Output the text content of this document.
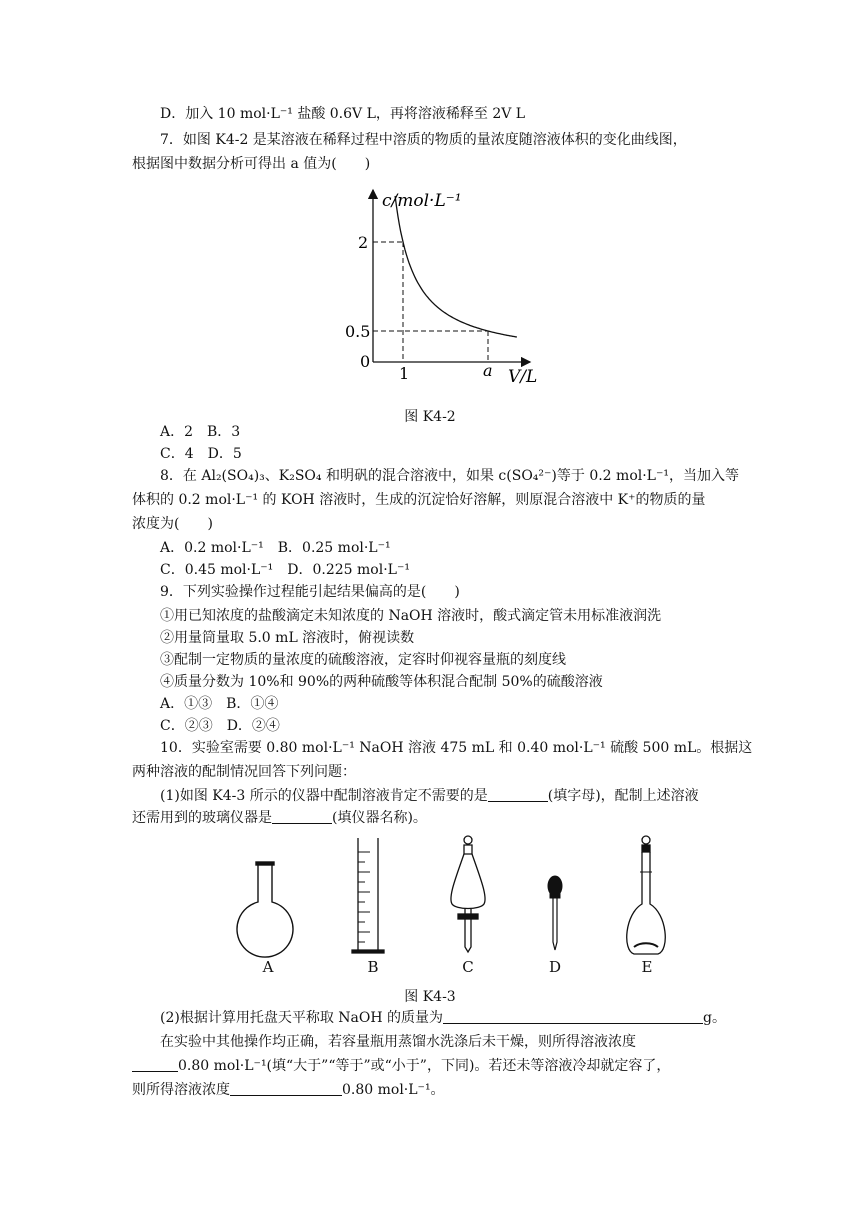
D．加入 10 mol·L⁻¹ 盐酸 0.6V L，再将溶液稀释至 2V L
7．如图 K4-2 是某溶液在稀释过程中溶质的物质的量浓度随溶液体积的变化曲线图，
根据图中数据分析可得出 a 值为(　　)
c/mol·L⁻¹
2
0.5
0
1	a V/L
图 K4-2
A．2　B．3
C．4　D．5
8．在 Al₂(SO₄)₃、K₂SO₄ 和明矾的混合溶液中，如果 c(SO₄²⁻)等于 0.2 mol·L⁻¹，当加入等
体积的 0.2 mol·L⁻¹ 的 KOH 溶液时，生成的沉淀恰好溶解，则原混合溶液中 K⁺的物质的量
浓度为(　　)
A．0.2 mol·L⁻¹　B．0.25 mol·L⁻¹
C．0.45 mol·L⁻¹　D．0.225 mol·L⁻¹
9．下列实验操作过程能引起结果偏高的是(　　)
①用已知浓度的盐酸滴定未知浓度的 NaOH 溶液时，酸式滴定管未用标准液润洗
②用量筒量取 5.0 mL 溶液时，俯视读数
③配制一定物质的量浓度的硫酸溶液，定容时仰视容量瓶的刻度线
④质量分数为 10%和 90%的两种硫酸等体积混合配制 50%的硫酸溶液
A．①③　B．①④
C．②③　D．②④
10．实验室需要 0.80 mol·L⁻¹ NaOH 溶液 475 mL 和 0.40 mol·L⁻¹ 硫酸 500 mL。根据这
两种溶液的配制情况回答下列问题：
(1)如图 K4-3 所示的仪器中配制溶液肯定不需要的是	(填字母)，配制上述溶液
还需用到的玻璃仪器是	(填仪器名称)。
A	B	C	D	E
图 K4-3
(2)根据计算用托盘天平称取 NaOH 的质量为	g。
在实验中其他操作均正确，若容量瓶用蒸馏水洗涤后未干燥，则所得溶液浓度
0.80 mol·L⁻¹(填“大于”“等于”或“小于”，下同)。若还未等溶液冷却就定容了，
则所得溶液浓度	0.80 mol·L⁻¹。
